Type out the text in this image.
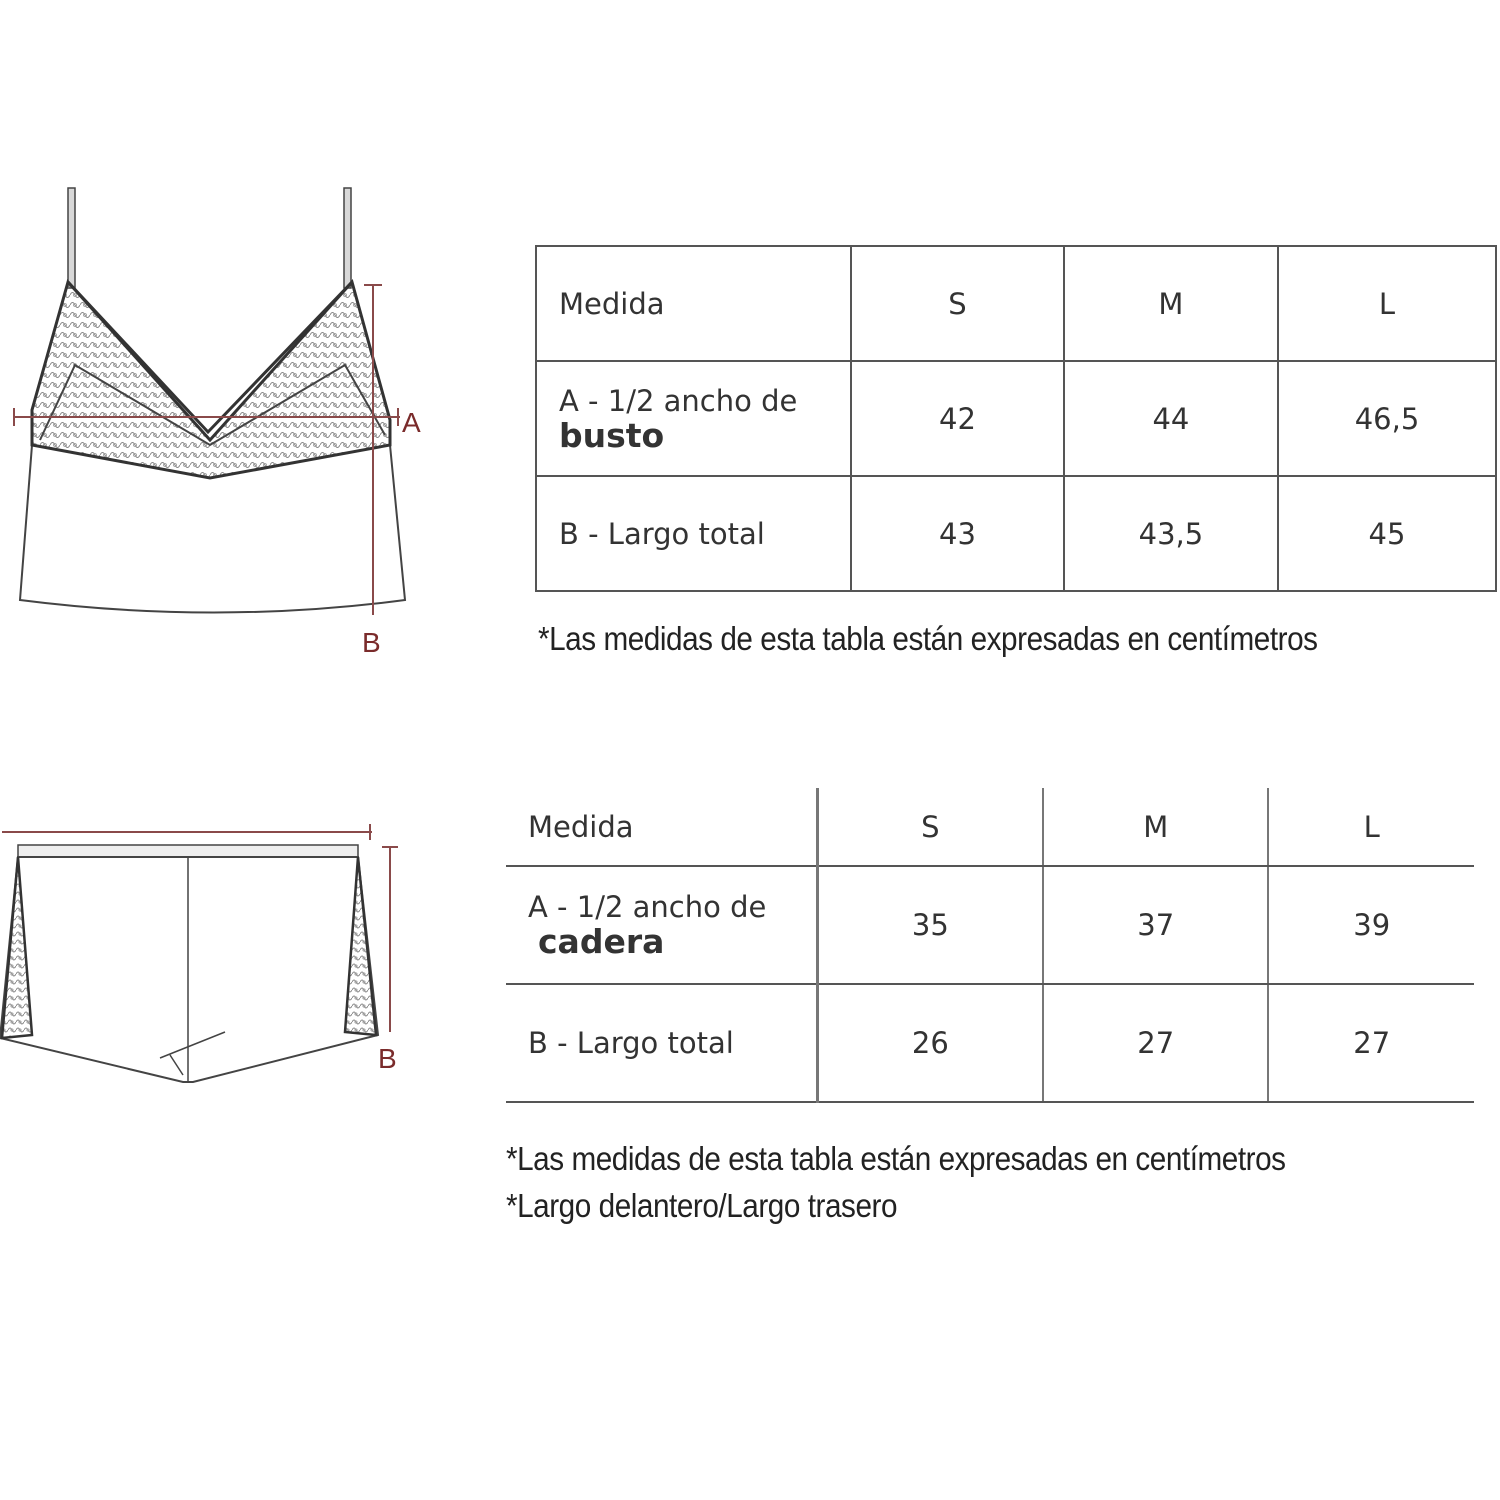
A
B
Medida	S	M	L

A - 1/2 ancho de
busto	42	44	46,5
B - Largo total	43	43,5	45
*Las medidas de esta tabla están expresadas en centímetros
B
Medida	S	M	L

A - 1/2 ancho de
cadera	35	37	39
B - Largo total	26	27	27
*Las medidas de esta tabla están expresadas en centímetros
*Largo delantero/Largo trasero
